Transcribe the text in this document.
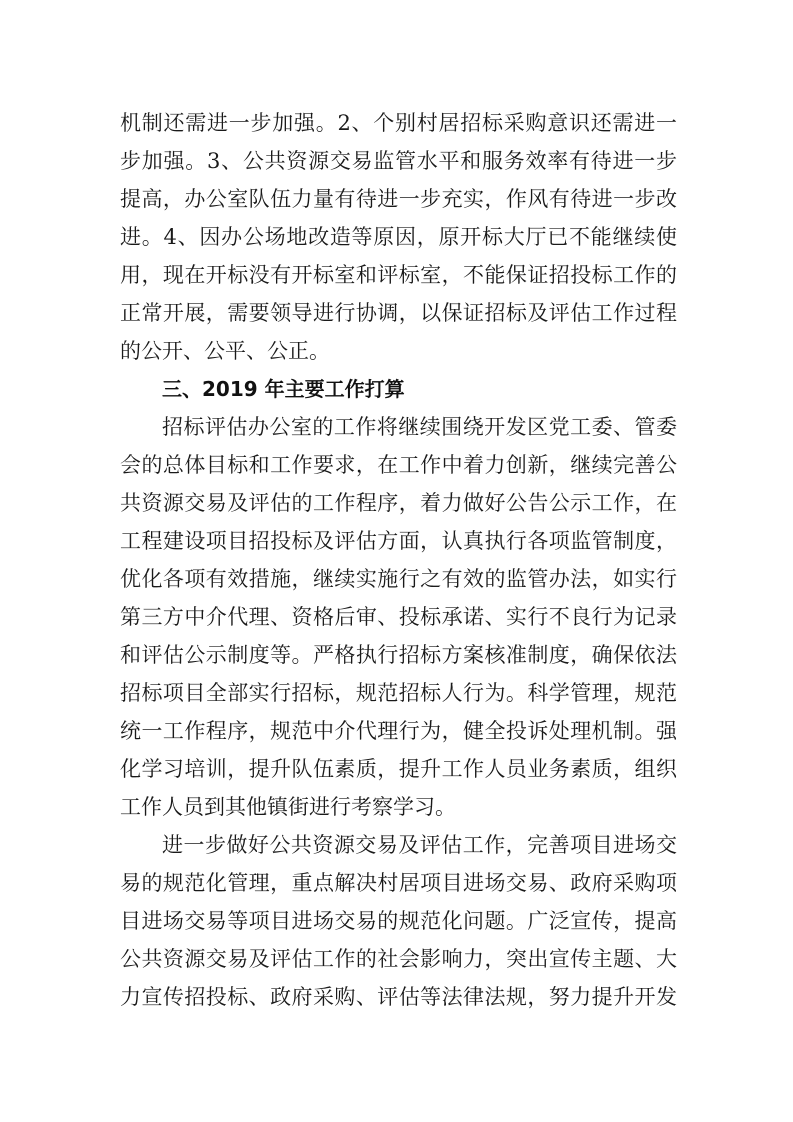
机制还需进一步加强。2、个别村居招标采购意识还需进一
步加强。3、公共资源交易监管水平和服务效率有待进一步
提高，办公室队伍力量有待进一步充实，作风有待进一步改
进。4、因办公场地改造等原因，原开标大厅已不能继续使
用，现在开标没有开标室和评标室，不能保证招投标工作的
正常开展，需要领导进行协调，以保证招标及评估工作过程
的公开、公平、公正。
三、2019 年主要工作打算
招标评估办公室的工作将继续围绕开发区党工委、管委
会的总体目标和工作要求，在工作中着力创新，继续完善公
共资源交易及评估的工作程序，着力做好公告公示工作，在
工程建设项目招投标及评估方面，认真执行各项监管制度，
优化各项有效措施，继续实施行之有效的监管办法，如实行
第三方中介代理、资格后审、投标承诺、实行不良行为记录
和评估公示制度等。严格执行招标方案核准制度，确保依法
招标项目全部实行招标，规范招标人行为。科学管理，规范
统一工作程序，规范中介代理行为，健全投诉处理机制。强
化学习培训，提升队伍素质，提升工作人员业务素质，组织
工作人员到其他镇街进行考察学习。
进一步做好公共资源交易及评估工作，完善项目进场交
易的规范化管理，重点解决村居项目进场交易、政府采购项
目进场交易等项目进场交易的规范化问题。广泛宣传，提高
公共资源交易及评估工作的社会影响力，突出宣传主题、大
力宣传招投标、政府采购、评估等法律法规，努力提升开发
